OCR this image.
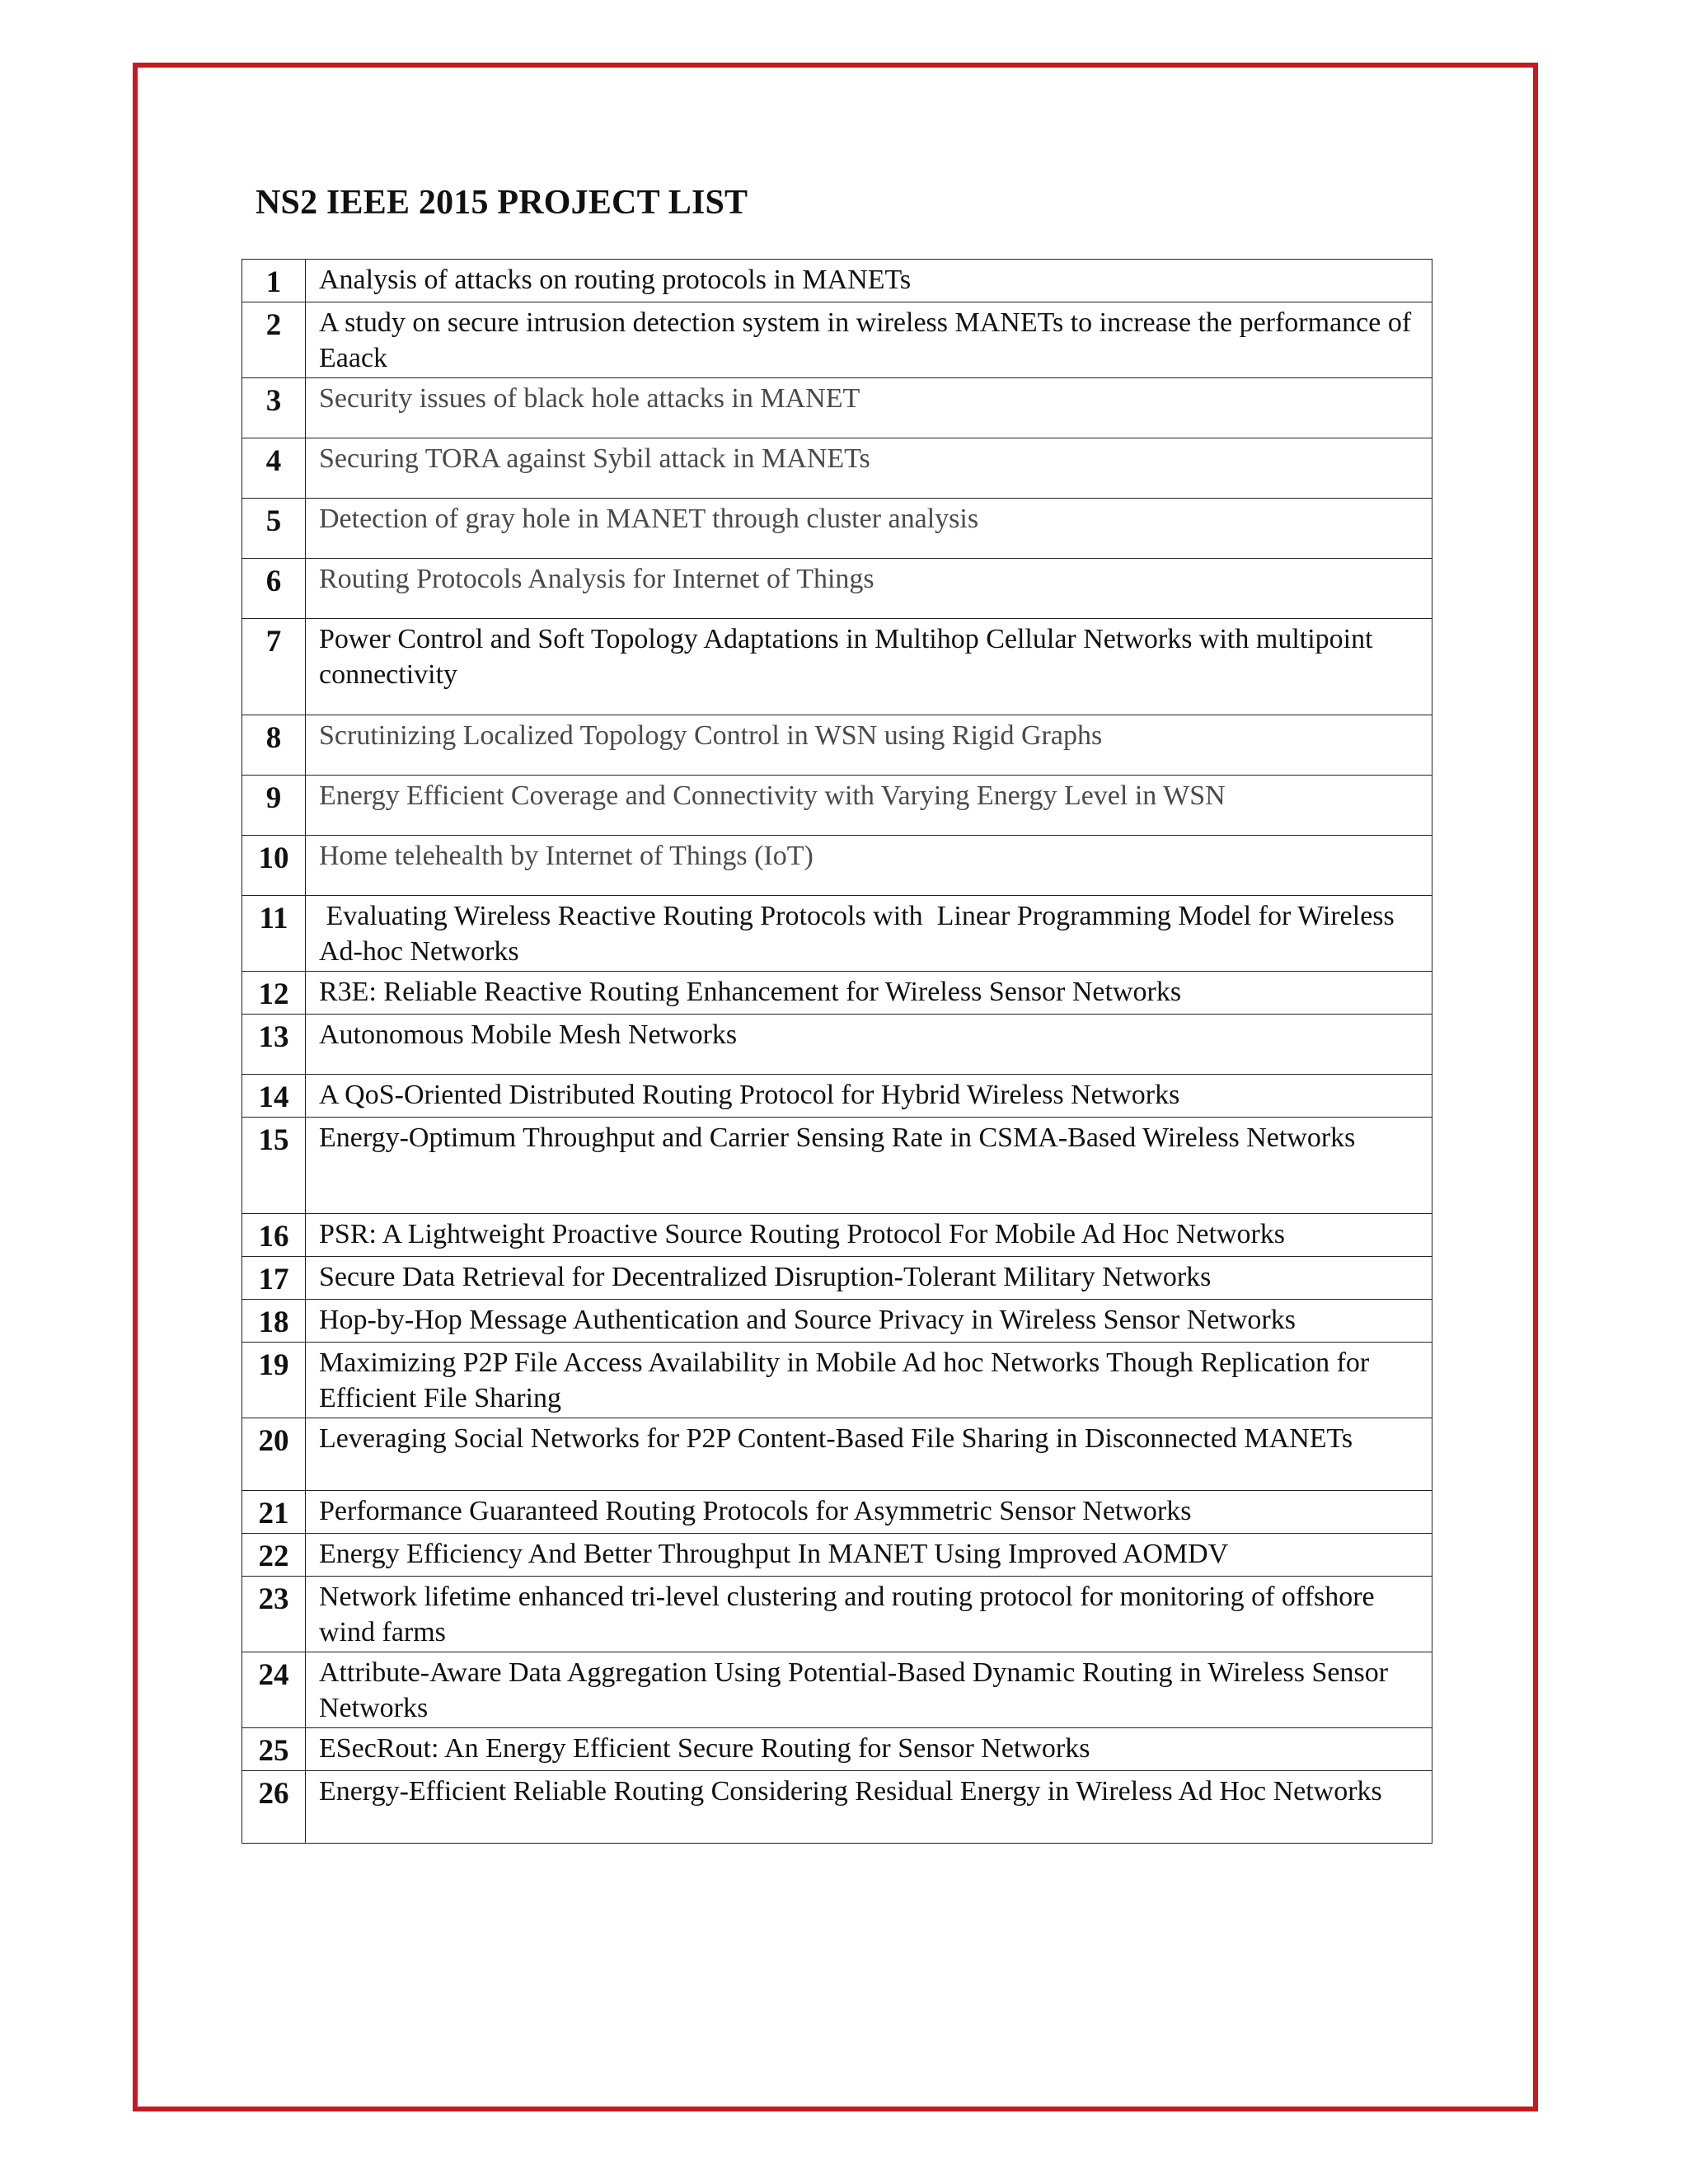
NS2 IEEE 2015 PROJECT LIST
1	Analysis of attacks on routing protocols in MANETs
2	A study on secure intrusion detection system in wireless MANETs to increase the performance of Eaack
3	Security issues of black hole attacks in MANET
4	Securing TORA against Sybil attack in MANETs
5	Detection of gray hole in MANET through cluster analysis
6	Routing Protocols Analysis for Internet of Things
7	Power Control and Soft Topology Adaptations in Multihop Cellular Networks with multipoint connectivity
8	Scrutinizing Localized Topology Control in WSN using Rigid Graphs
9	Energy Efficient Coverage and Connectivity with Varying Energy Level in WSN
10	Home telehealth by Internet of Things (IoT)
11	Evaluating Wireless Reactive Routing Protocols with  Linear Programming Model for Wireless Ad-hoc Networks
12	R3E: Reliable Reactive Routing Enhancement for Wireless Sensor Networks
13	Autonomous Mobile Mesh Networks
14	A QoS-Oriented Distributed Routing Protocol for Hybrid Wireless Networks
15	Energy-Optimum Throughput and Carrier Sensing Rate in CSMA-Based Wireless Networks
16	PSR: A Lightweight Proactive Source Routing Protocol For Mobile Ad Hoc Networks
17	Secure Data Retrieval for Decentralized Disruption-Tolerant Military Networks
18	Hop-by-Hop Message Authentication and Source Privacy in Wireless Sensor Networks
19	Maximizing P2P File Access Availability in Mobile Ad hoc Networks Though Replication for Efficient File Sharing
20	Leveraging Social Networks for P2P Content-Based File Sharing in Disconnected MANETs
21	Performance Guaranteed Routing Protocols for Asymmetric Sensor Networks
22	Energy Efficiency And Better Throughput In MANET Using Improved AOMDV
23	Network lifetime enhanced tri-level clustering and routing protocol for monitoring of offshore wind farms
24	Attribute-Aware Data Aggregation Using Potential-Based Dynamic Routing in Wireless Sensor Networks
25	ESecRout: An Energy Efficient Secure Routing for Sensor Networks
26	Energy-Efficient Reliable Routing Considering Residual Energy in Wireless Ad Hoc Networks
